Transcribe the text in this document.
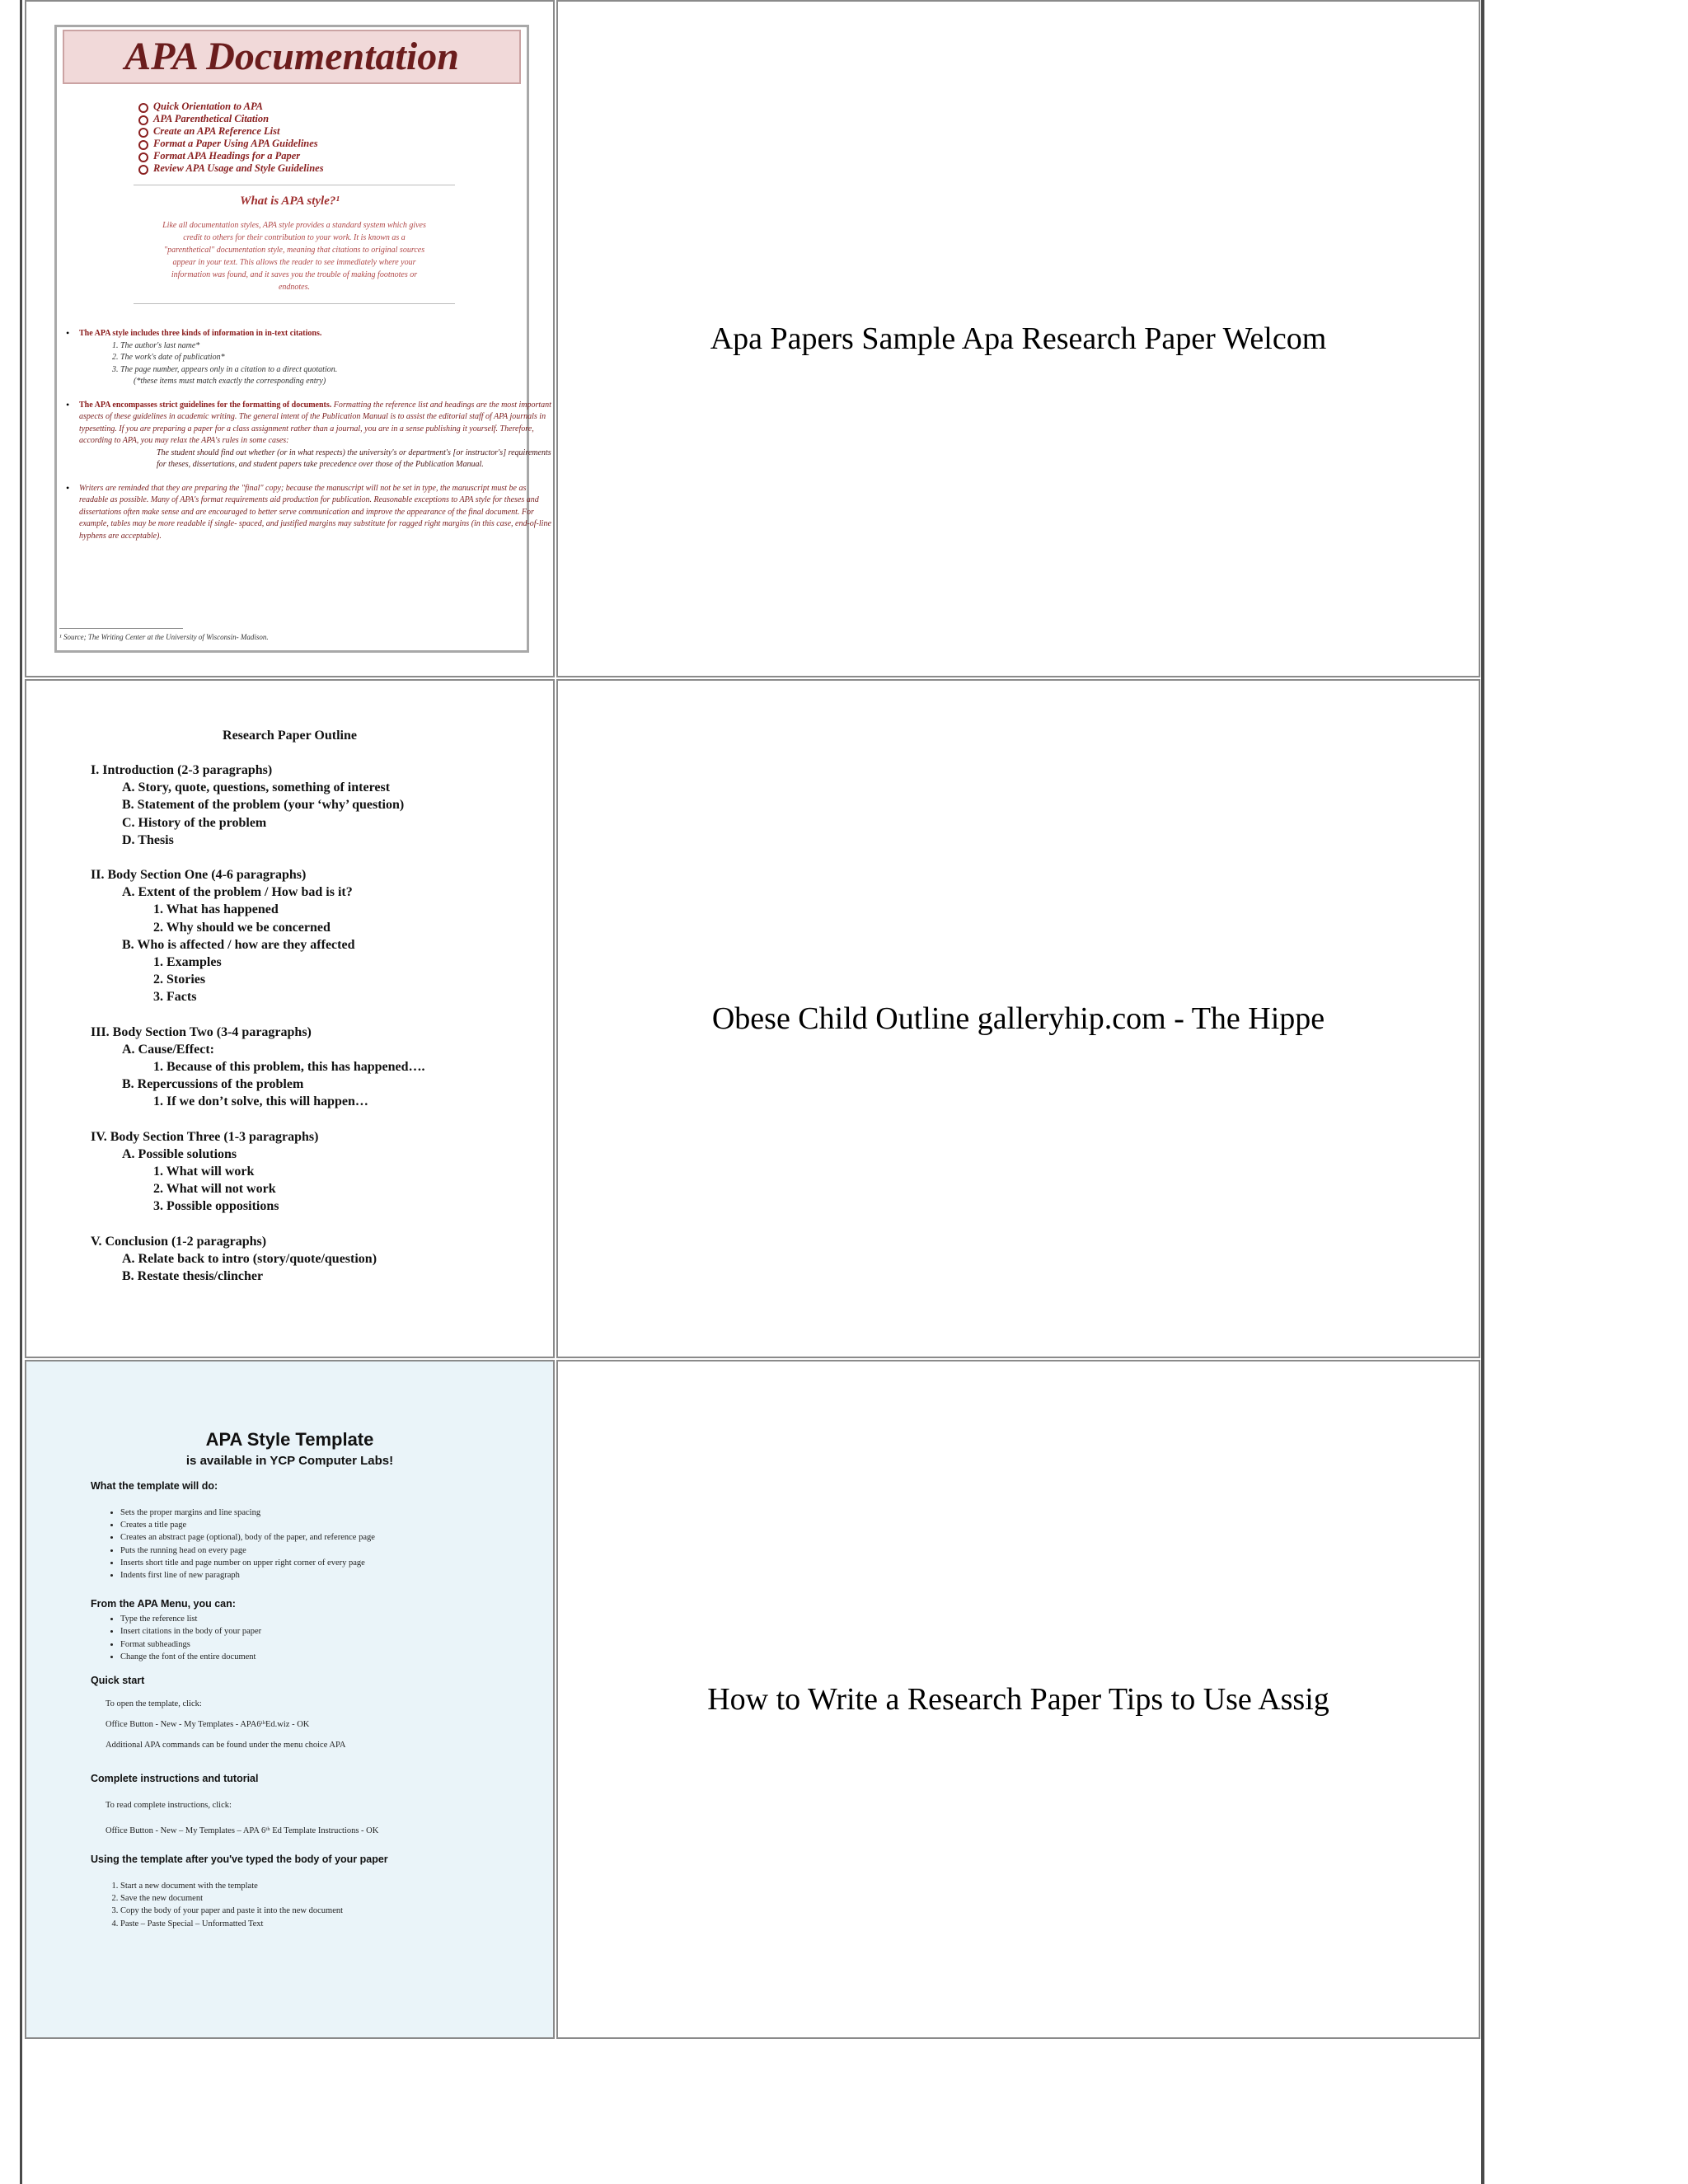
APA Documentation
Quick Orientation to APA
APA Parenthetical Citation
Create an APA Reference List
Format a Paper Using APA Guidelines
Format APA Headings for a Paper
Review APA Usage and Style Guidelines
What is APA style?¹
Like all documentation styles, APA style provides a standard system which gives credit to others for their contribution to your work. It is known as a "parenthetical" documentation style, meaning that citations to original sources appear in your text. This allows the reader to see immediately where your information was found, and it saves you the trouble of making footnotes or endnotes.

• The APA style includes three kinds of information in in-text citations.

1. The author's last name*

2. The work's date of publication*

3. The page number, appears only in a citation to a direct quotation.

(*these items must match exactly the corresponding entry)

• The APA encompasses strict guidelines for the formatting of documents. Formatting the reference list and headings are the most important aspects of these guidelines in academic writing. The general intent of the Publication Manual is to assist the editorial staff of APA journals in typesetting. If you are preparing a paper for a class assignment rather than a journal, you are in a sense publishing it yourself. Therefore, according to APA, you may relax the APA's rules in some cases:

The student should find out whether (or in what respects) the university's or department's [or instructor's] requirements for theses, dissertations, and student papers take precedence over those of the Publication Manual.

• Writers are reminded that they are preparing the "final" copy; because the manuscript will not be set in type, the manuscript must be as readable as possible. Many of APA's format requirements aid production for publication. Reasonable exceptions to APA style for theses and dissertations often make sense and are encouraged to better serve communication and improve the appearance of the final document. For example, tables may be more readable if single- spaced, and justified margins may substitute for ragged right margins (in this case, end-of-line hyphens are acceptable).

¹ Source; The Writing Center at the University of Wisconsin- Madison.
Apa Papers Sample Apa Research Paper Welcom
Research Paper Outline
I. Introduction (2-3 paragraphs)
A. Story, quote, questions, something of interest
B. Statement of the problem (your ‘why’ question)
C. History of the problem
D. Thesis
II. Body Section One (4-6 paragraphs)
A. Extent of the problem / How bad is it?
1. What has happened
2. Why should we be concerned
B. Who is affected / how are they affected
1. Examples
2. Stories
3. Facts
III. Body Section Two (3-4 paragraphs)
A. Cause/Effect:
1. Because of this problem, this has happened….
B. Repercussions of the problem
1. If we don’t solve, this will happen…
IV. Body Section Three (1-3 paragraphs)
A. Possible solutions
1. What will work
2. What will not work
3. Possible oppositions
V. Conclusion (1-2 paragraphs)
A. Relate back to intro (story/quote/question)
B. Restate thesis/clincher
Obese Child Outline galleryhip.com - The Hippe
APA Style Template
is available in YCP Computer Labs!
What the template will do:
• Sets the proper margins and line spacing
• Creates a title page
• Creates an abstract page (optional), body of the paper, and reference page
• Puts the running head on every page
• Inserts short title and page number on upper right corner of every page
• Indents first line of new paragraph
From the APA Menu, you can:
• Type the reference list
• Insert citations in the body of your paper
• Format subheadings
• Change the font of the entire document
Quick start
To open the template, click:
Office Button - New - My Templates - APA6ᵗʰEd.wiz - OK
Additional APA commands can be found under the menu choice APA
Complete instructions and tutorial
To read complete instructions, click:
Office Button - New – My Templates – APA 6ᵗʰ Ed Template Instructions - OK
Using the template after you've typed the body of your paper
1. Start a new document with the template
2. Save the new document
3. Copy the body of your paper and paste it into the new document
4. Paste – Paste Special – Unformatted Text
How to Write a Research Paper Tips to Use Assig
